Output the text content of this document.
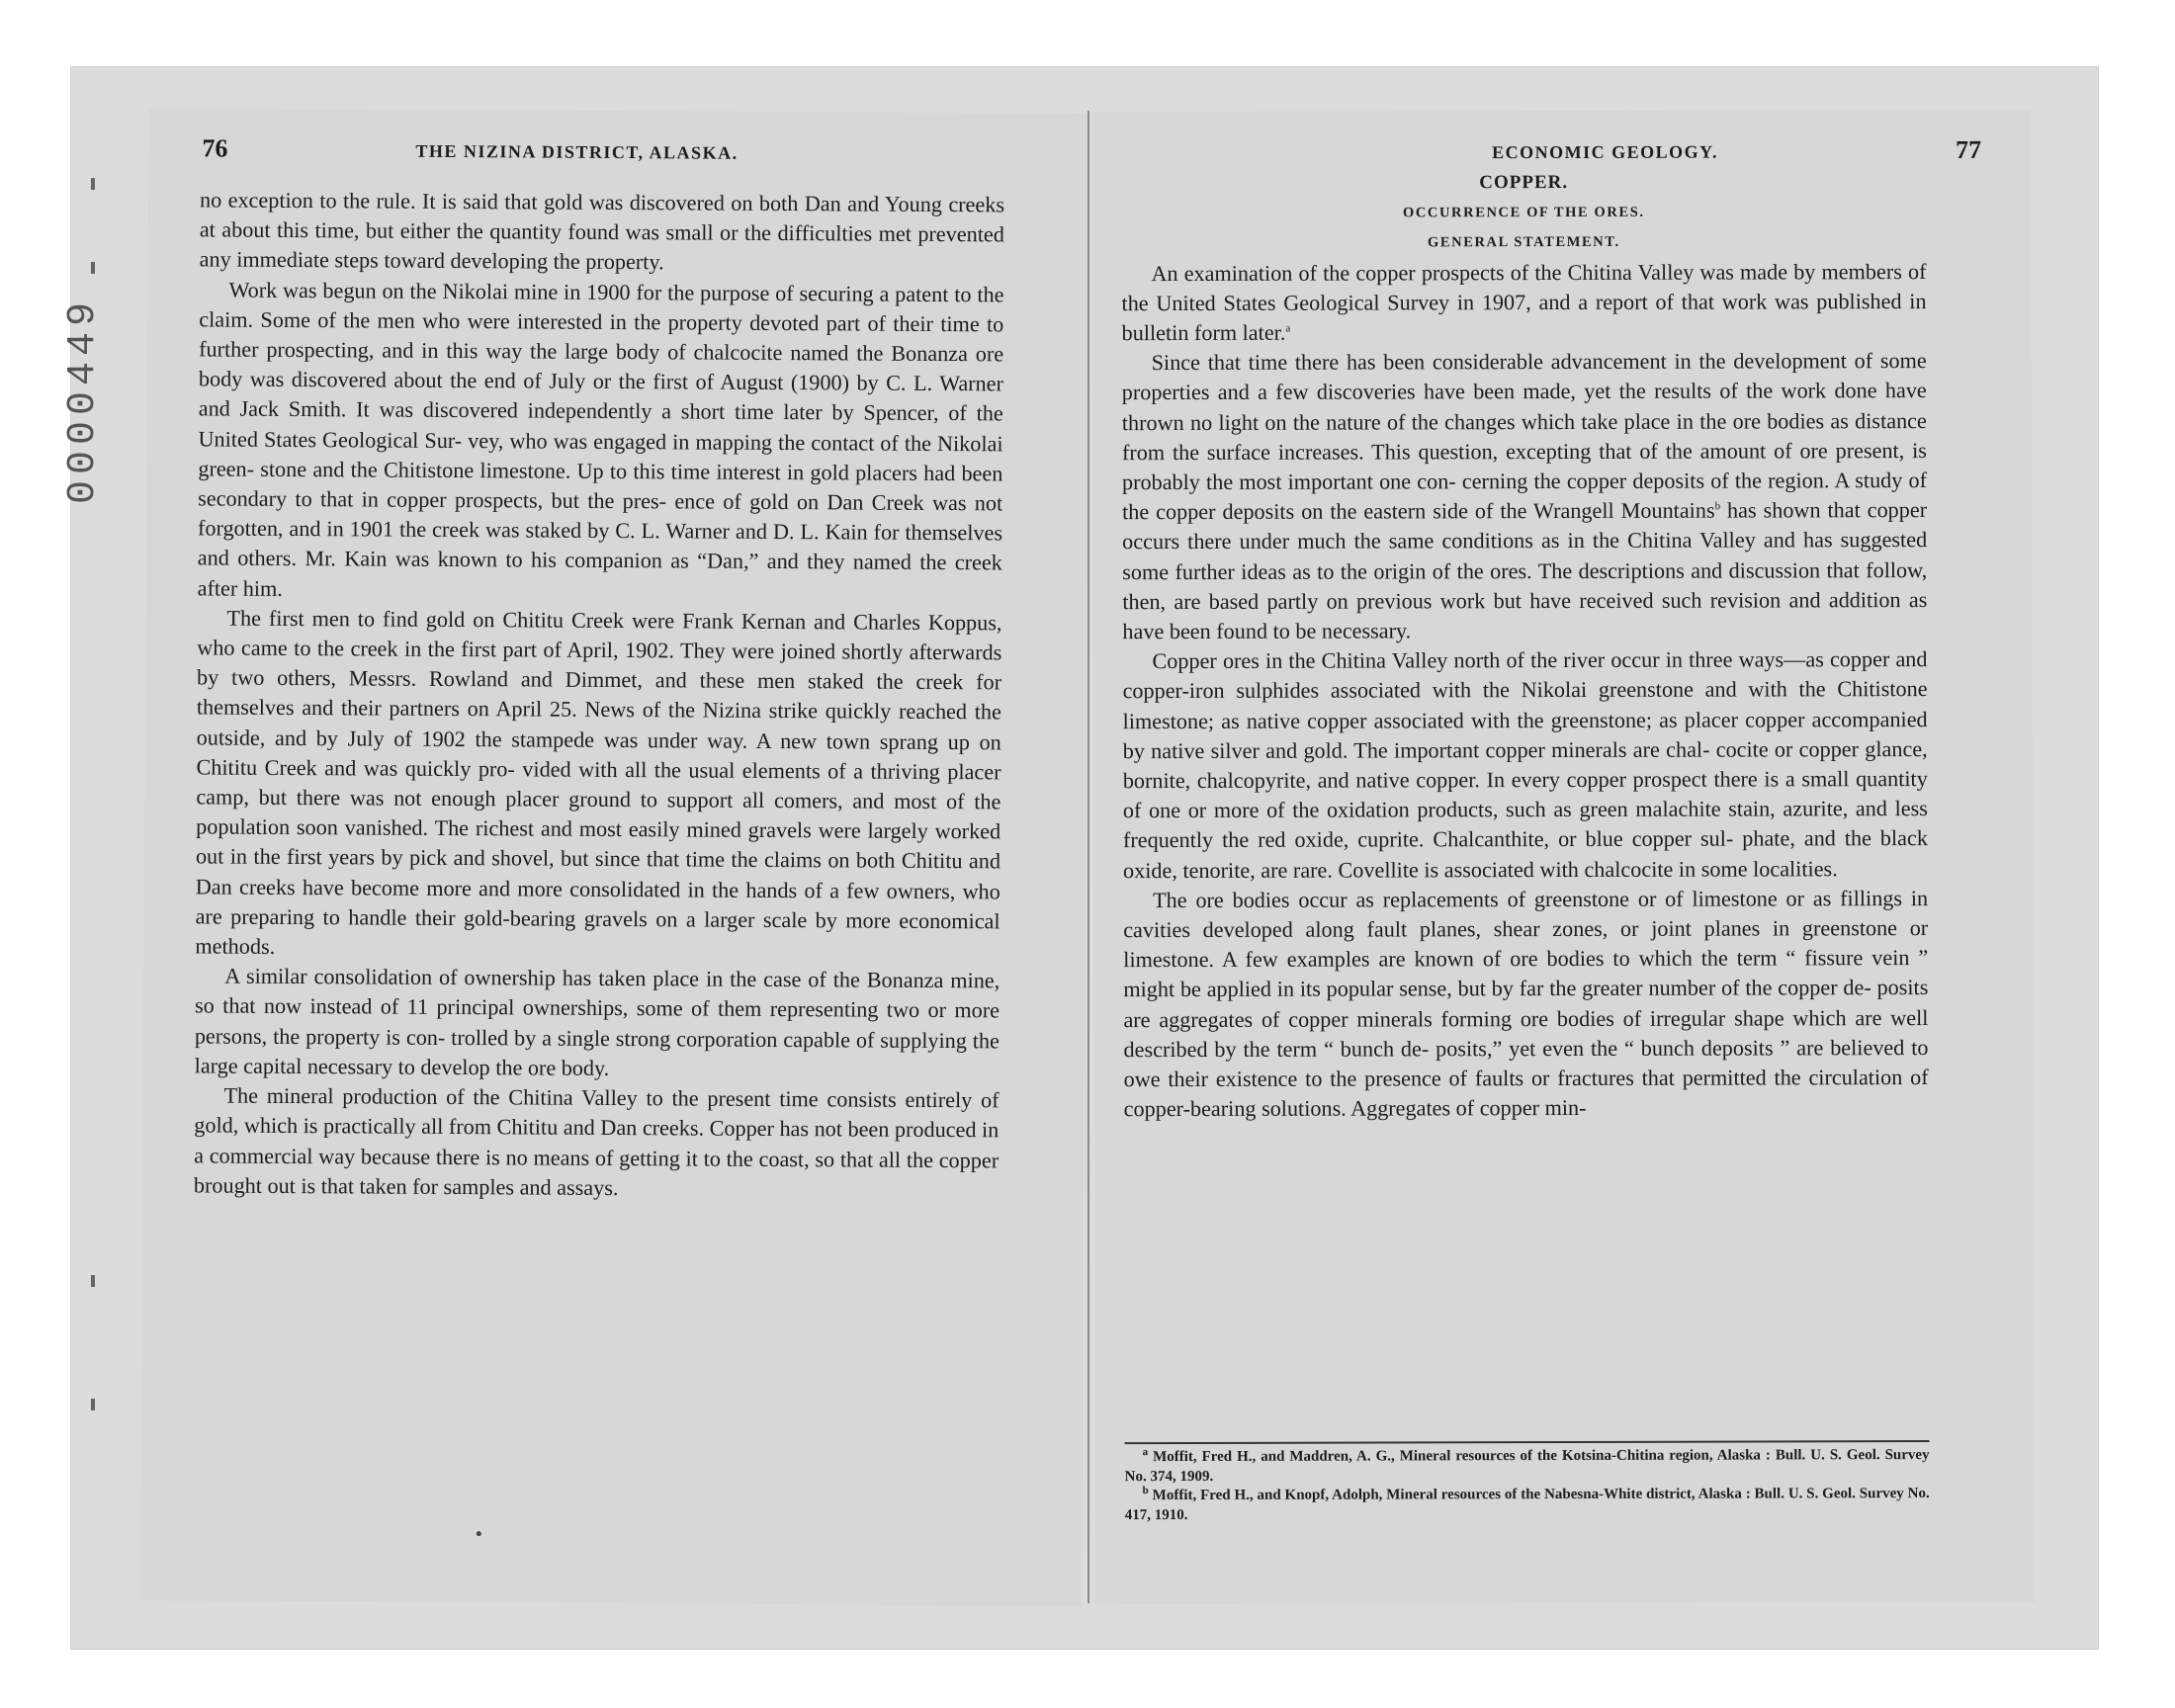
0000449
76	THE NIZINA DISTRICT, ALASKA.

no exception to the rule. It is said that gold was discovered on both Dan and Young creeks at about this time, but either the quantity found was small or the difficulties met prevented any immediate steps toward developing the property.

Work was begun on the Nikolai mine in 1900 for the purpose of securing a patent to the claim. Some of the men who were interested in the property devoted part of their time to further prospecting, and in this way the large body of chalcocite named the Bonanza ore body was discovered about the end of July or the first of August (1900) by C. L. Warner and Jack Smith. It was discovered independently a short time later by Spencer, of the United States Geological Sur- vey, who was engaged in mapping the contact of the Nikolai green- stone and the Chitistone limestone. Up to this time interest in gold placers had been secondary to that in copper prospects, but the pres- ence of gold on Dan Creek was not forgotten, and in 1901 the creek was staked by C. L. Warner and D. L. Kain for themselves and others. Mr. Kain was known to his companion as “Dan,” and they named the creek after him.

The first men to find gold on Chititu Creek were Frank Kernan and Charles Koppus, who came to the creek in the first part of April, 1902. They were joined shortly afterwards by two others, Messrs. Rowland and Dimmet, and these men staked the creek for themselves and their partners on April 25. News of the Nizina strike quickly reached the outside, and by July of 1902 the stampede was under way. A new town sprang up on Chititu Creek and was quickly pro- vided with all the usual elements of a thriving placer camp, but there was not enough placer ground to support all comers, and most of the population soon vanished. The richest and most easily mined gravels were largely worked out in the first years by pick and shovel, but since that time the claims on both Chititu and Dan creeks have become more and more consolidated in the hands of a few owners, who are preparing to handle their gold-bearing gravels on a larger scale by more economical methods.

A similar consolidation of ownership has taken place in the case of the Bonanza mine, so that now instead of 11 principal ownerships, some of them representing two or more persons, the property is con- trolled by a single strong corporation capable of supplying the large capital necessary to develop the ore body.

The mineral production of the Chitina Valley to the present time consists entirely of gold, which is practically all from Chititu and Dan creeks. Copper has not been produced in a commercial way because there is no means of getting it to the coast, so that all the copper brought out is that taken for samples and assays.

ECONOMIC GEOLOGY.	77

COPPER.

OCCURRENCE OF THE ORES.

GENERAL STATEMENT.

An examination of the copper prospects of the Chitina Valley was made by members of the United States Geological Survey in 1907, and a report of that work was published in bulletin form later.$^a$

Since that time there has been considerable advancement in the development of some properties and a few discoveries have been made, yet the results of the work done have thrown no light on the nature of the changes which take place in the ore bodies as distance from the surface increases. This question, excepting that of the amount of ore present, is probably the most important one con- cerning the copper deposits of the region. A study of the copper deposits on the eastern side of the Wrangell Mountains$^b$ has shown that copper occurs there under much the same conditions as in the Chitina Valley and has suggested some further ideas as to the origin of the ores. The descriptions and discussion that follow, then, are based partly on previous work but have received such revision and addition as have been found to be necessary.

Copper ores in the Chitina Valley north of the river occur in three ways—as copper and copper-iron sulphides associated with the Nikolai greenstone and with the Chitistone limestone; as native copper associated with the greenstone; as placer copper accompanied by native silver and gold. The important copper minerals are chal- cocite or copper glance, bornite, chalcopyrite, and native copper. In every copper prospect there is a small quantity of one or more of the oxidation products, such as green malachite stain, azurite, and less frequently the red oxide, cuprite. Chalcanthite, or blue copper sul- phate, and the black oxide, tenorite, are rare. Covellite is associated with chalcocite in some localities.

The ore bodies occur as replacements of greenstone or of limestone or as fillings in cavities developed along fault planes, shear zones, or joint planes in greenstone or limestone. A few examples are known of ore bodies to which the term “ fissure vein ” might be applied in its popular sense, but by far the greater number of the copper de- posits are aggregates of copper minerals forming ore bodies of irregular shape which are well described by the term “ bunch de- posits,” yet even the “ bunch deposits ” are believed to owe their existence to the presence of faults or fractures that permitted the circulation of copper-bearing solutions. Aggregates of copper min-

$^a$ Moffit, Fred H., and Maddren, A. G., Mineral resources of the Kotsina-Chitina region, Alaska : Bull. U. S. Geol. Survey No. 374, 1909.

$^b$ Moffit, Fred H., and Knopf, Adolph, Mineral resources of the Nabesna-White district, Alaska : Bull. U. S. Geol. Survey No. 417, 1910.
